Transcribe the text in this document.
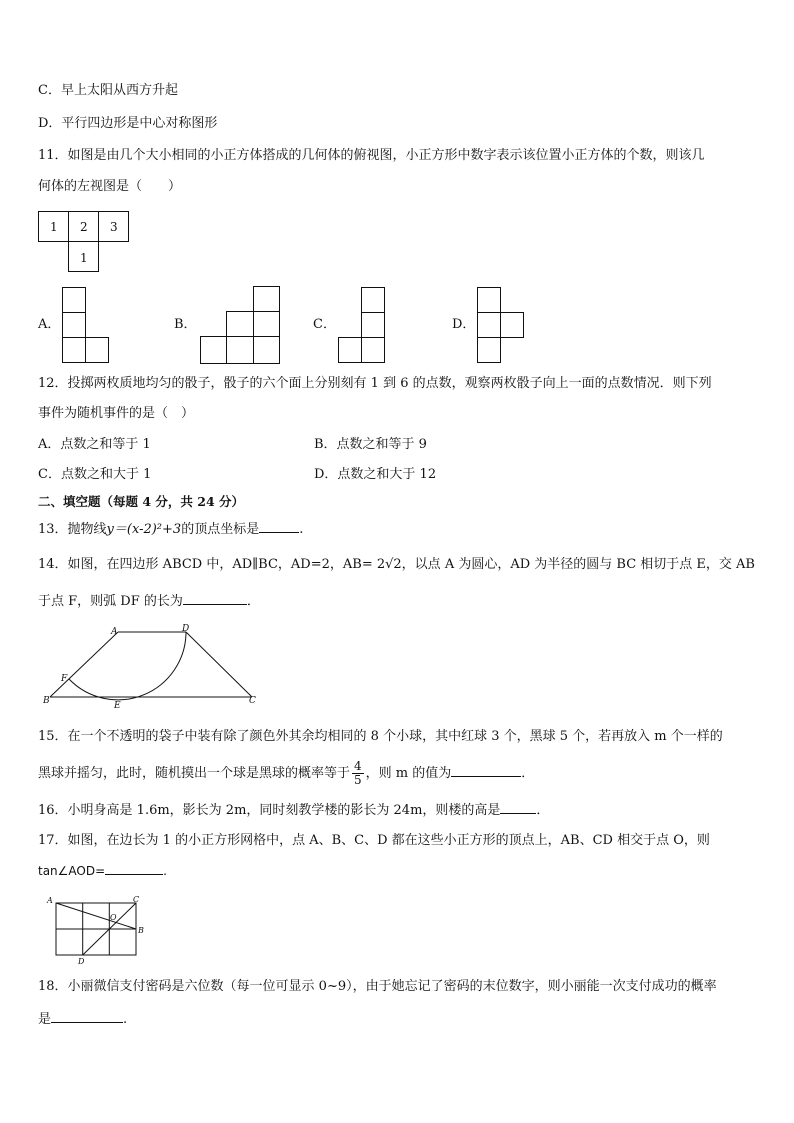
C．早上太阳从西方升起
D．平行四边形是中心对称图形
11．如图是由几个大小相同的小正方体搭成的几何体的俯视图，小正方形中数字表示该位置小正方体的个数，则该几
何体的左视图是（　　）
1 2 3
1
A．	B．	C．	D．
12．投掷两枚质地均匀的骰子，骰子的六个面上分别刻有 1 到 6 的点数，观察两枚骰子向上一面的点数情况．则下列
事件为随机事件的是（　）
A．点数之和等于 1	B．点数之和等于 9
C．点数之和大于 1	D．点数之和大于 12
二、填空题（每题 4 分，共 24 分）
13．抛物线y＝(x-2)²+3的顶点坐标是	.
14．如图，在四边形 ABCD 中，AD∥BC，AD=2，AB= 2√2，以点 A 为圆心，AD 为半径的圆与 BC 相切于点 E，交 AB
于点 F，则弧 DF 的长为	．
A	D
F
B	E	C
15．在一个不透明的袋子中装有除了颜色外其余均相同的 8 个小球，其中红球 3 个，黑球 5 个，若再放入 m 个一样的
黑球并摇匀，此时，随机摸出一个球是黑球的概率等于 $\frac{4}{5}$ ，则 m 的值为	．
16．小明身高是 1.6m，影长为 2m，同时刻教学楼的影长为 24m，则楼的高是	．
17．如图，在边长为 1 的小正方形网格中，点 A、B、C、D 都在这些小正方形的顶点上，AB、CD 相交于点 O，则
tan∠AOD=	.
A	C
O
B
D
18．小丽微信支付密码是六位数（每一位可显示 0~9），由于她忘记了密码的末位数字，则小丽能一次支付成功的概率
是	.
